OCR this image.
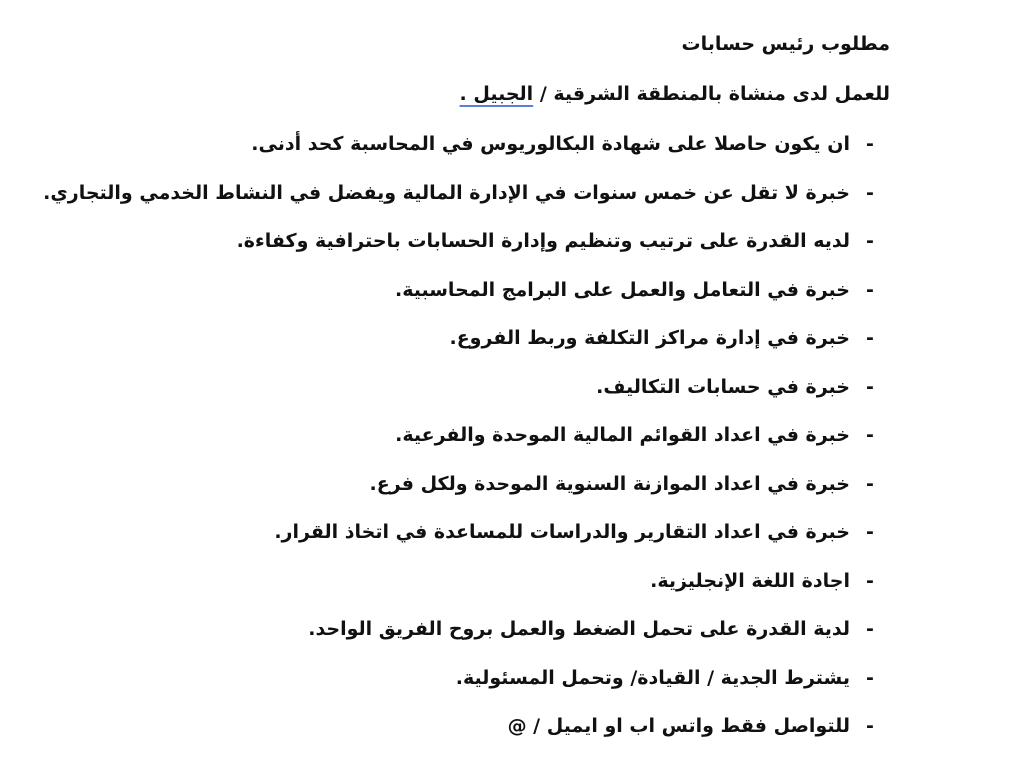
مطلوب رئيس حسابات
للعمل لدى منشاة بالمنطقة الشرقية / الجبيل .
-
ان يكون حاصلا على شهادة البكالوريوس في المحاسبة كحد أدنى.
-
خبرة لا تقل عن خمس سنوات في الإدارة المالية ويفضل في النشاط الخدمي والتجاري.
-
لديه القدرة على ترتيب وتنظيم وإدارة الحسابات باحترافية وكفاءة.
-
خبرة في التعامل والعمل على البرامج المحاسبية.
-
خبرة في إدارة مراكز التكلفة وربط الفروع.
-
خبرة في حسابات التكاليف.
-
خبرة في اعداد القوائم المالية الموحدة والفرعية.
-
خبرة في اعداد الموازنة السنوية الموحدة ولكل فرع.
-
خبرة في اعداد التقارير والدراسات للمساعدة في اتخاذ القرار.
-
اجادة اللغة الإنجليزية.
-
لدية القدرة على تحمل الضغط والعمل بروح الفريق الواحد.
-
يشترط الجدية / القيادة/ وتحمل المسئولية.
-
للتواصل فقط واتس اب او ايميل / @
